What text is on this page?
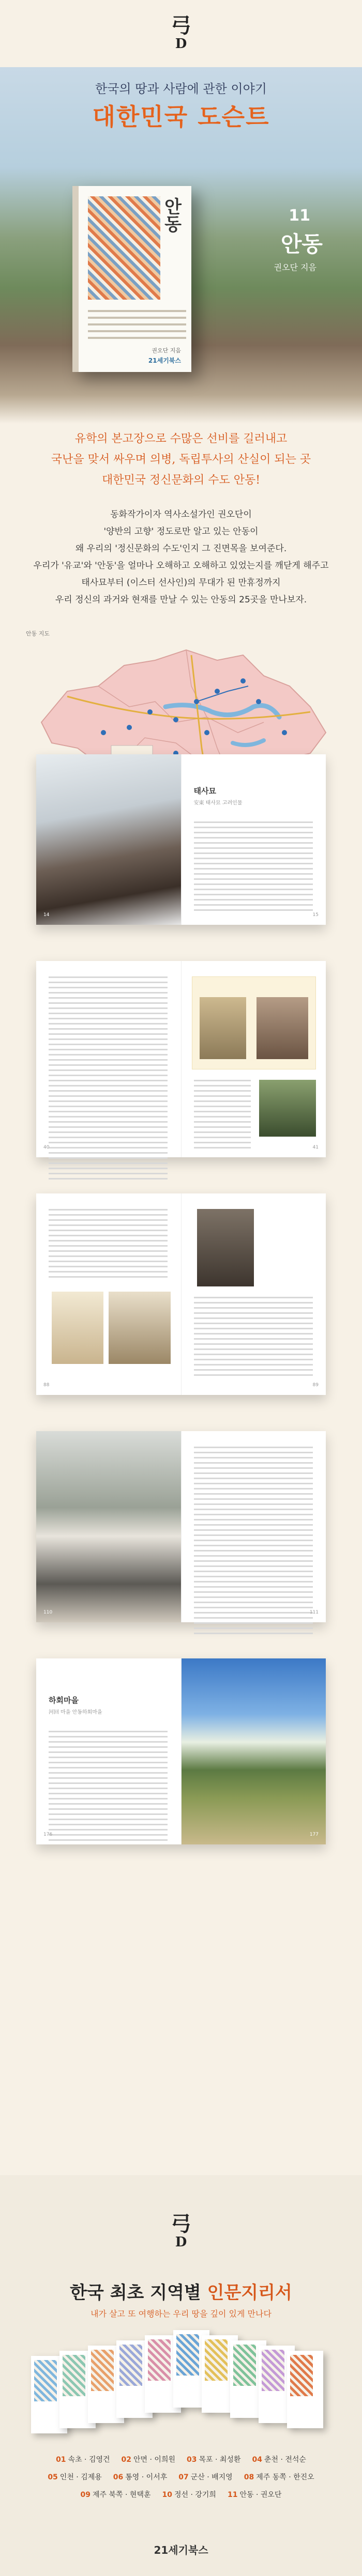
弓
D
한국의 땅과 사람에 관한 이야기
대한민국 도슨트
안동
권오단 지음
21세기북스
11
안동
권오단 지음
유학의 본고장으로 수많은 선비를 길러내고
국난을 맞서 싸우며 의병, 독립투사의 산실이 되는 곳
대한민국 정신문화의 수도 안동!
동화작가이자 역사소설가인 권오단이
'양반의 고향' 정도로만 알고 있는 안동이
왜 우리의 '정신문화의 수도'인지 그 진면목을 보여준다.
우리가 '유교'와 '안동'을 얼마나 오해하고 오해하고 있었는지를 깨닫게 해주고
태사묘부터 (이스터 선사인)의 무대가 된 만휴정까지
우리 정신의 과거와 현재를 만날 수 있는 안동의 25곳을 만나보자.
안동 지도
14
태사묘
安東 태사묘 고려인물
15
40	41
88	89
110	111
하회마을
河回 마을 안동하회마을
176	177
弓
D
한국 최초 지역별 인문지리서
내가 살고 또 여행하는 우리 땅을 깊이 있게 만나다
01 속초 · 김영건 02 안면 · 이희원 03 목포 · 최성환 04 춘천 · 전석순
05 인천 · 김제용 06 통영 · 이서후 07 군산 · 배지영 08 제주 동쪽 · 한진오
09 제주 북쪽 · 현택훈 10 정선 · 강기희 11 안동 · 권오단
21세기북스
